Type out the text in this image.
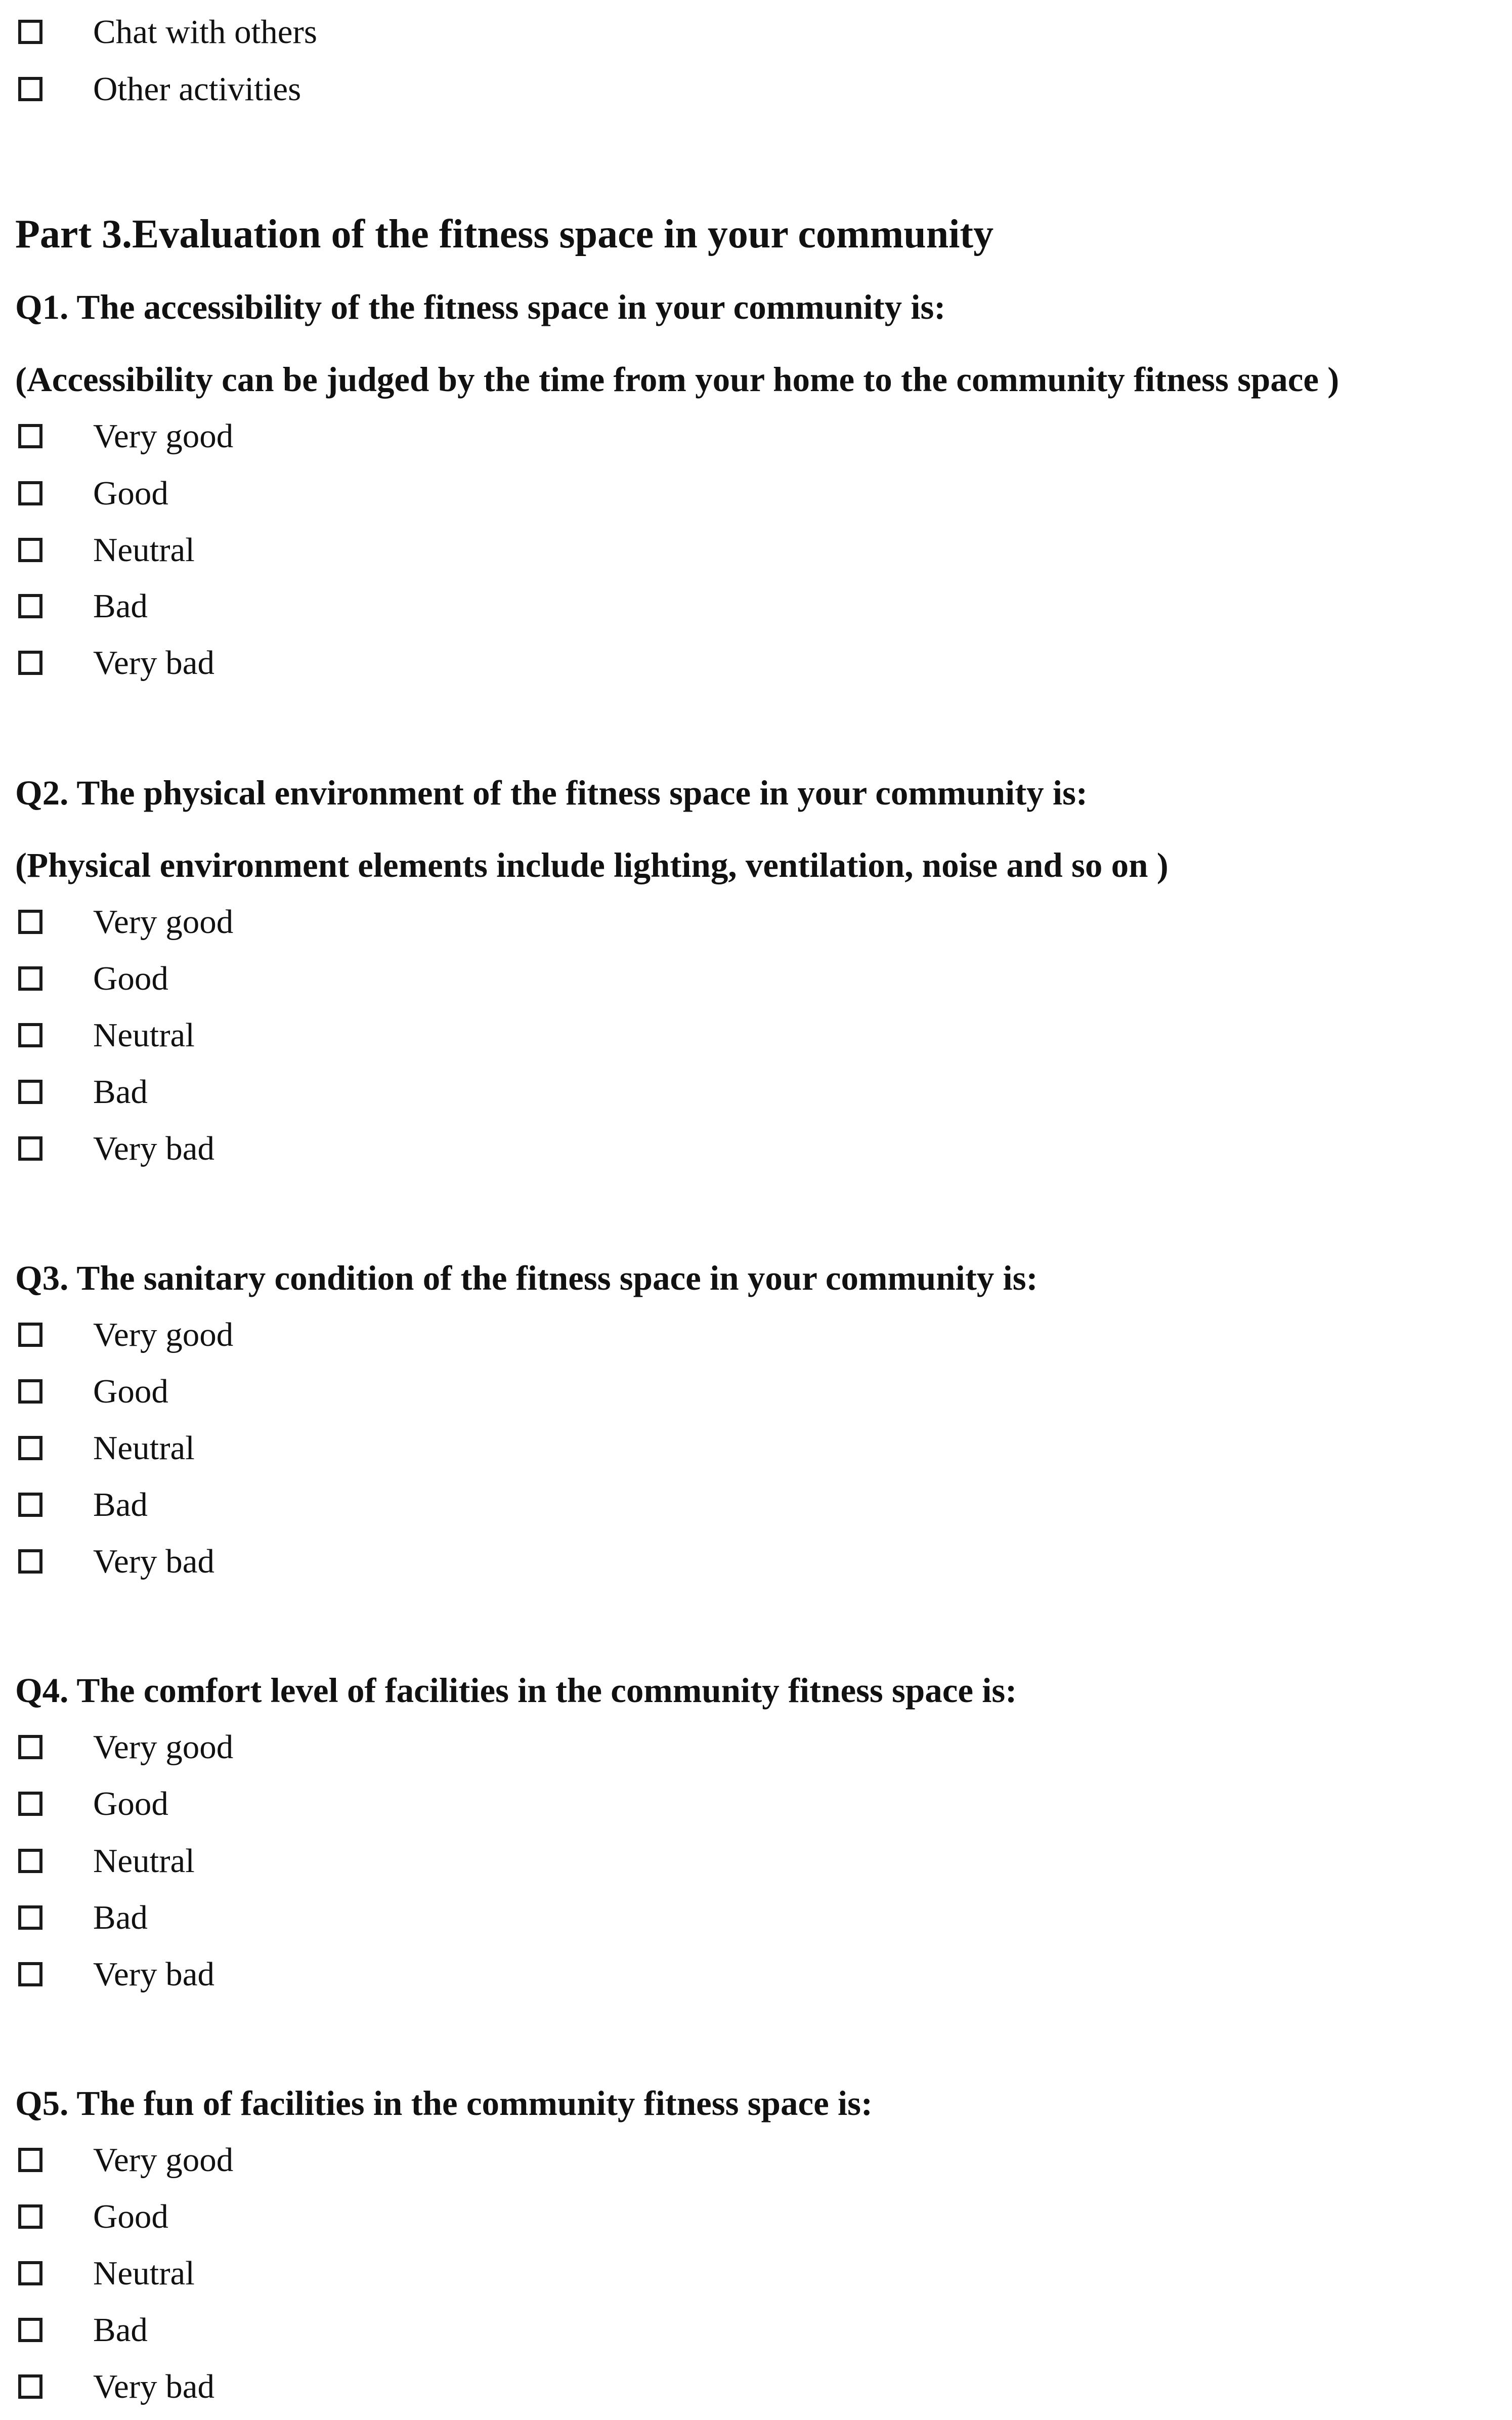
Chat with others
Other activities
Part 3.Evaluation of the fitness space in your community
Q1. The accessibility of the fitness space in your community is:
(Accessibility can be judged by the time from your home to the community fitness space )
Very good
Good
Neutral
Bad
Very bad
Q2. The physical environment of the fitness space in your community is:
(Physical environment elements include lighting, ventilation, noise and so on )
Very good
Good
Neutral
Bad
Very bad
Q3. The sanitary condition of the fitness space in your community is:
Very good
Good
Neutral
Bad
Very bad
Q4. The comfort level of facilities in the community fitness space is:
Very good
Good
Neutral
Bad
Very bad
Q5. The fun of facilities in the community fitness space is:
Very good
Good
Neutral
Bad
Very bad
